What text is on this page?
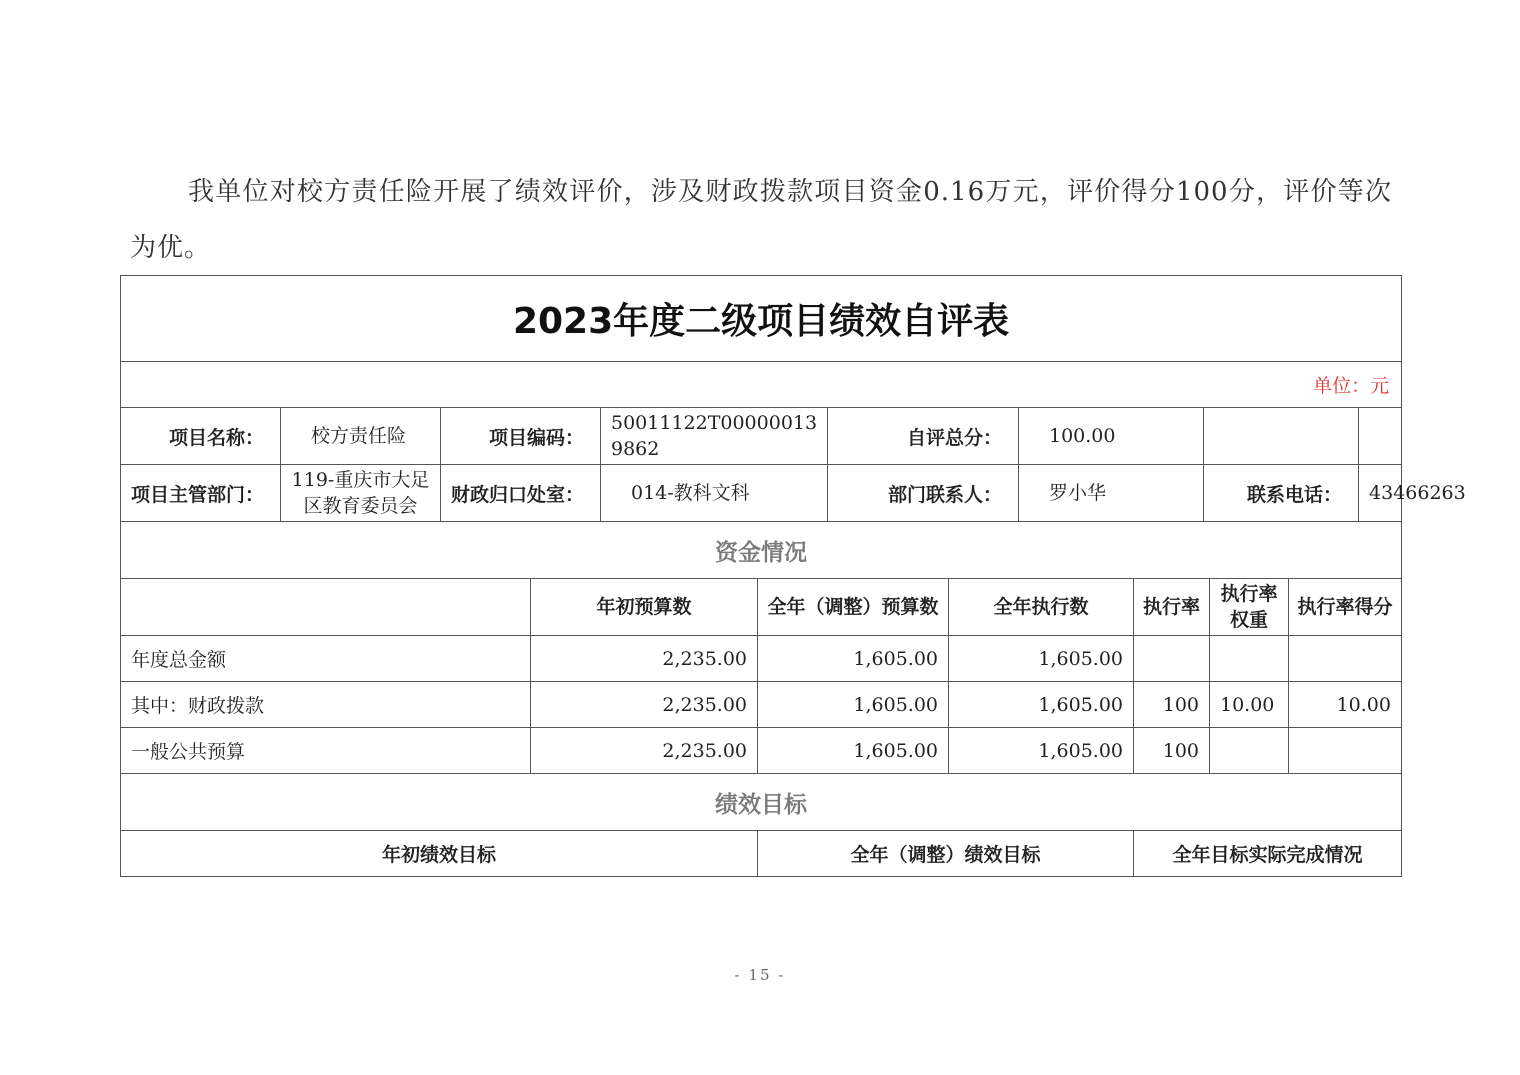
我单位对校方责任险开展了绩效评价，涉及财政拨款项目资金0.16万元，评价得分100分，评价等次为优。

2023年度二级项目绩效自评表							
单位：元							
项目名称：	校方责任险	项目编码：	50011122T000000139862	自评总分：	100.00		
项目主管部门：	119-重庆市大足区教育委员会	财政归口处室：	014-教科文科	部门联系人：	罗小华	联系电话：	43466263
资金情况							
	年初预算数	全年（调整）预算数	全年执行数	执行率	执行率权重	执行率得分
年度总金额	2,235.00	1,605.00	1,605.00			
其中：财政拨款	2,235.00	1,605.00	1,605.00	100	10.00	10.00
一般公共预算	2,235.00	1,605.00	1,605.00	100		
绩效目标						
年初绩效目标		全年（调整）绩效目标		全年目标实际完成情况		
- 15 -
